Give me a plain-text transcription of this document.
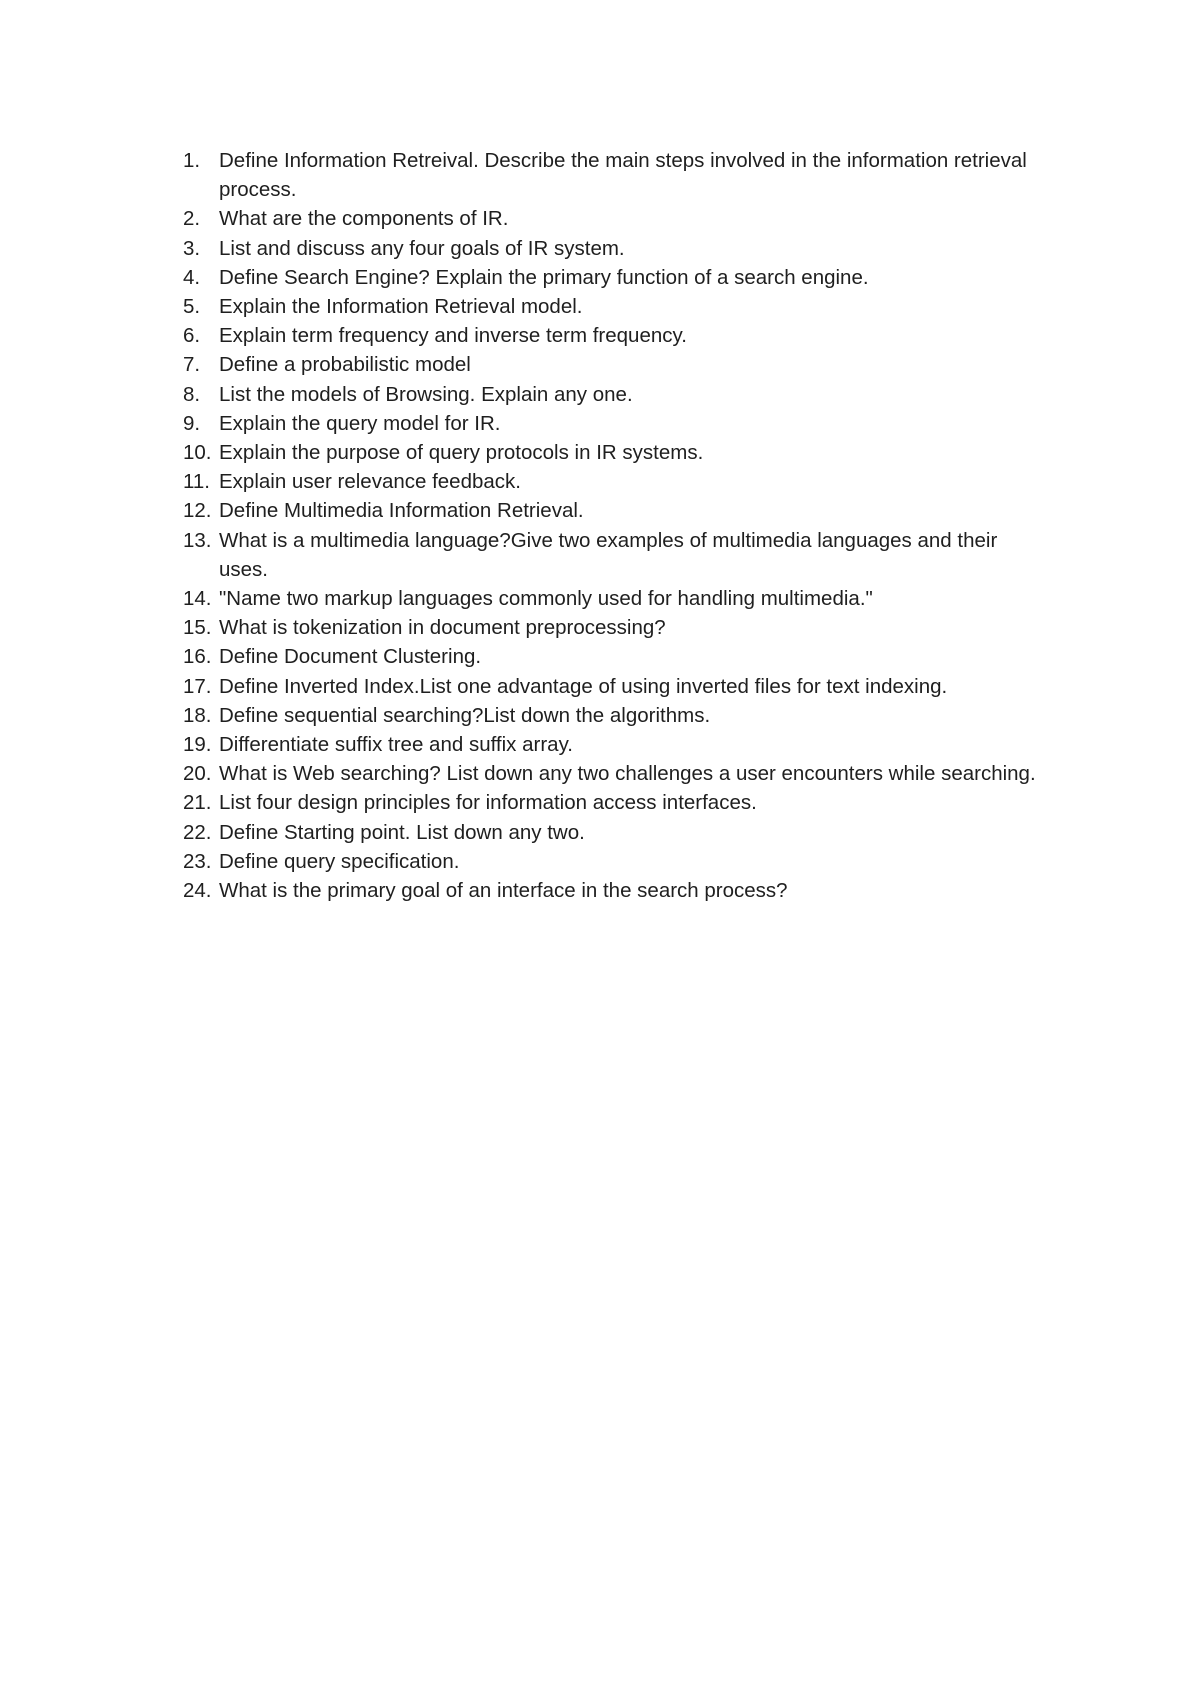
1. Define Information Retreival. Describe the main steps involved in the information retrieval process.
2. What are the components of IR.
3. List and discuss any four goals of IR system.
4. Define Search Engine? Explain the primary function of a search engine.
5. Explain the Information Retrieval model.
6. Explain term frequency and inverse term frequency.
7. Define a probabilistic model
8. List the models of Browsing. Explain any one.
9. Explain the query model for IR.
10. Explain the purpose of query protocols in IR systems.
11. Explain user relevance feedback.
12. Define Multimedia Information Retrieval.
13. What is a multimedia language?Give two examples of multimedia languages and their uses.
14. "Name two markup languages commonly used for handling multimedia."
15. What is tokenization in document preprocessing?
16. Define Document Clustering.
17. Define Inverted Index.List one advantage of using inverted files for text indexing.
18. Define sequential searching?List down the algorithms.
19. Differentiate suffix tree and suffix array.
20. What is Web searching? List down any two challenges a user encounters while searching.
21. List four design principles for information access interfaces.
22. Define Starting point. List down any two.
23. Define query specification.
24. What is the primary goal of an interface in the search process?
